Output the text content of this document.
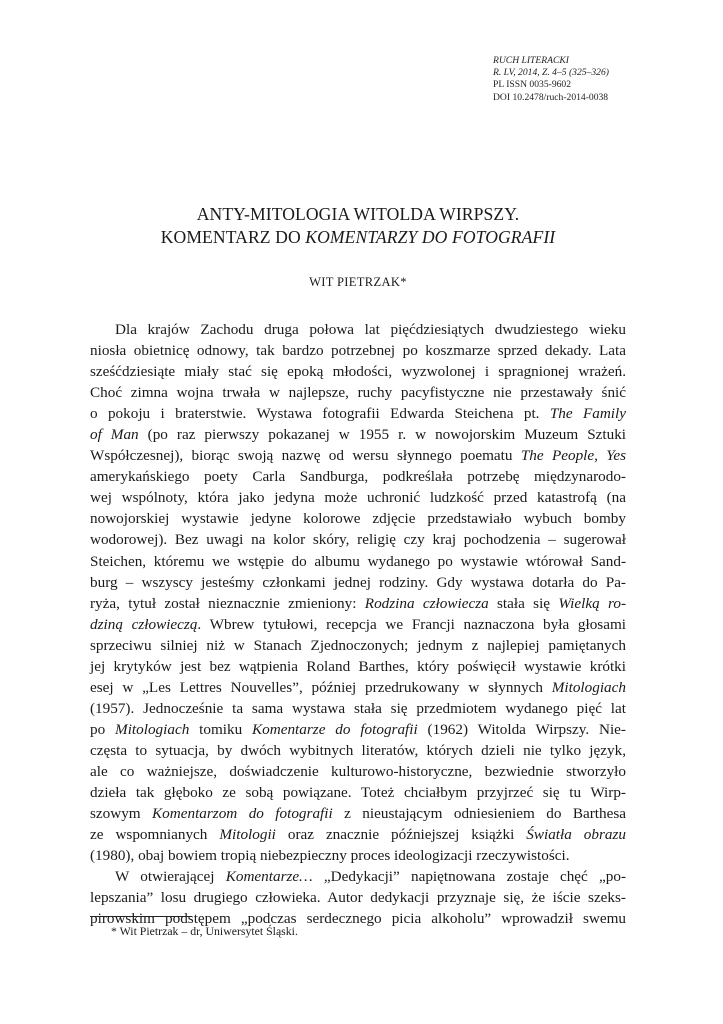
RUCH LITERACKI
R. LV, 2014, Z. 4–5 (325–326)
PL ISSN 0035-9602
DOI 10.2478/ruch-2014-0038
ANTY-MITOLOGIA WITOLDA WIRPSZY.
KOMENTARZ DO KOMENTARZY DO FOTOGRAFII
WIT PIETRZAK*
Dla krajów Zachodu druga połowa lat pięćdziesiątych dwudziestego wieku
niosła obietnicę odnowy, tak bardzo potrzebnej po koszmarze sprzed dekady. Lata
sześćdziesiąte miały stać się epoką młodości, wyzwolonej i spragnionej wrażeń.
Choć zimna wojna trwała w najlepsze, ruchy pacyfistyczne nie przestawały śnić
o pokoju i braterstwie. Wystawa fotografii Edwarda Steichena pt. The Family
of Man (po raz pierwszy pokazanej w 1955 r. w nowojorskim Muzeum Sztuki
Współczesnej), biorąc swoją nazwę od wersu słynnego poematu The People, Yes
amerykańskiego poety Carla Sandburga, podkreślała potrzebę międzynarodo-
wej wspólnoty, która jako jedyna może uchronić ludzkość przed katastrofą (na
nowojorskiej wystawie jedyne kolorowe zdjęcie przedstawiało wybuch bomby
wodorowej). Bez uwagi na kolor skóry, religię czy kraj pochodzenia – sugerował
Steichen, któremu we wstępie do albumu wydanego po wystawie wtórował Sand-
burg – wszyscy jesteśmy członkami jednej rodziny. Gdy wystawa dotarła do Pa-
ryża, tytuł został nieznacznie zmieniony: Rodzina człowiecza stała się Wielką ro-
dziną człowieczą. Wbrew tytułowi, recepcja we Francji naznaczona była głosami
sprzeciwu silniej niż w Stanach Zjednoczonych; jednym z najlepiej pamiętanych
jej krytyków jest bez wątpienia Roland Barthes, który poświęcił wystawie krótki
esej w „Les Lettres Nouvelles”, później przedrukowany w słynnych Mitologiach
(1957). Jednocześnie ta sama wystawa stała się przedmiotem wydanego pięć lat
po Mitologiach tomiku Komentarze do fotografii (1962) Witolda Wirpszy. Nie-
częsta to sytuacja, by dwóch wybitnych literatów, których dzieli nie tylko język,
ale co ważniejsze, doświadczenie kulturowo-historyczne, bezwiednie stworzyło
dzieła tak głęboko ze sobą powiązane. Toteż chciałbym przyjrzeć się tu Wirp-
szowym Komentarzom do fotografii z nieustającym odniesieniem do Barthesa
ze wspomnianych Mitologii oraz znacznie późniejszej książki Światła obrazu
(1980), obaj bowiem tropią niebezpieczny proces ideologizacji rzeczywistości.
W otwierającej Komentarze… „Dedykacji” napiętnowana zostaje chęć „po-
lepszania” losu drugiego człowieka. Autor dedykacji przyznaje się, że iście szeks-
pirowskim podstępem „podczas serdecznego picia alkoholu” wprowadził swemu
* Wit Pietrzak – dr, Uniwersytet Śląski.
